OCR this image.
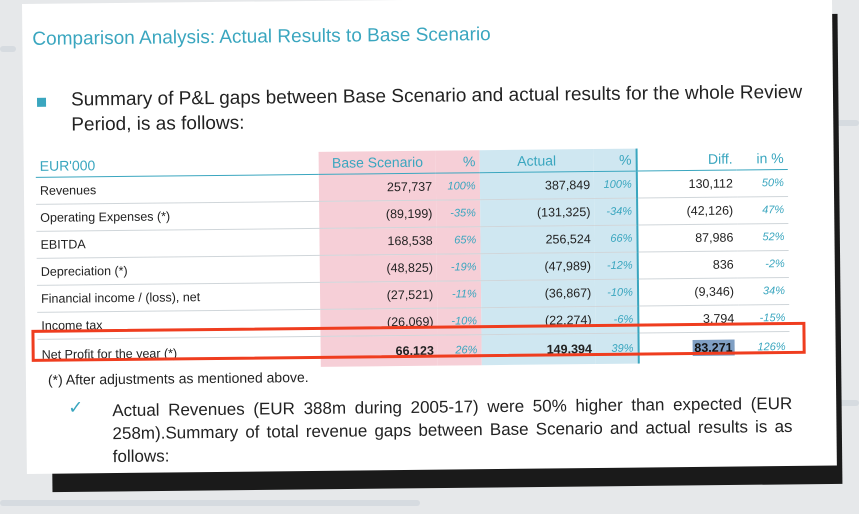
Comparison Analysis: Actual Results to Base Scenario
Summary of P&L gaps between Base Scenario and actual results for the whole Review Period, is as follows:
EUR'000	Base Scenario	%	Actual	%	Diff.	in %
Revenues	257,737	100%	387,849	100%	130,112	50%
Operating Expenses (*)	(89,199)	-35%	(131,325)	-34%	(42,126)	47%
EBITDA	168,538	65%	256,524	66%	87,986	52%
Depreciation (*)	(48,825)	-19%	(47,989)	-12%	836	-2%
Financial income / (loss), net	(27,521)	-11%	(36,867)	-10%	(9,346)	34%
Income tax	(26,069)	-10%	(22,274)	-6%	3,794	-15%
Net Profit for the year (*)	66,123	26%	149,394	39%	83,271	126%
(*) After adjustments as mentioned above.
✓ Actual Revenues (EUR 388m during 2005-17) were 50% higher than expected (EUR 258m).Summary of total revenue gaps between Base Scenario and actual results is as follows:
